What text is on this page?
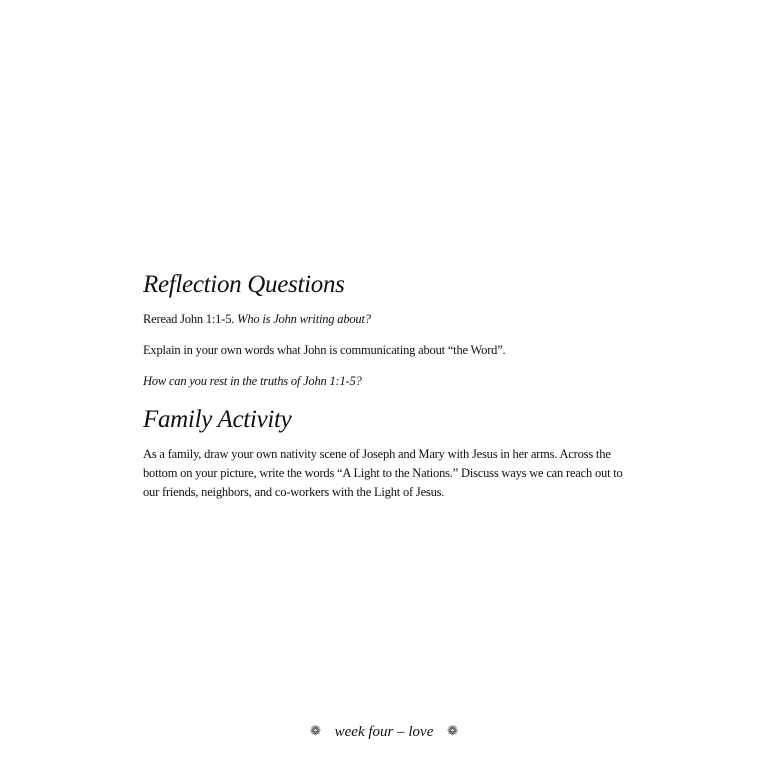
Reflection Questions

Reread John 1:1-5. Who is John writing about?

Explain in your own words what John is communicating about “the Word”.

How can you rest in the truths of John 1:1-5?

Family Activity

As a family, draw your own nativity scene of Joseph and Mary with Jesus in her arms. Across the bottom on your picture, write the words “A Light to the Nations.” Discuss ways we can reach out to our friends, neighbors, and co-workers with the Light of Jesus.

❁ week four – love ❁
